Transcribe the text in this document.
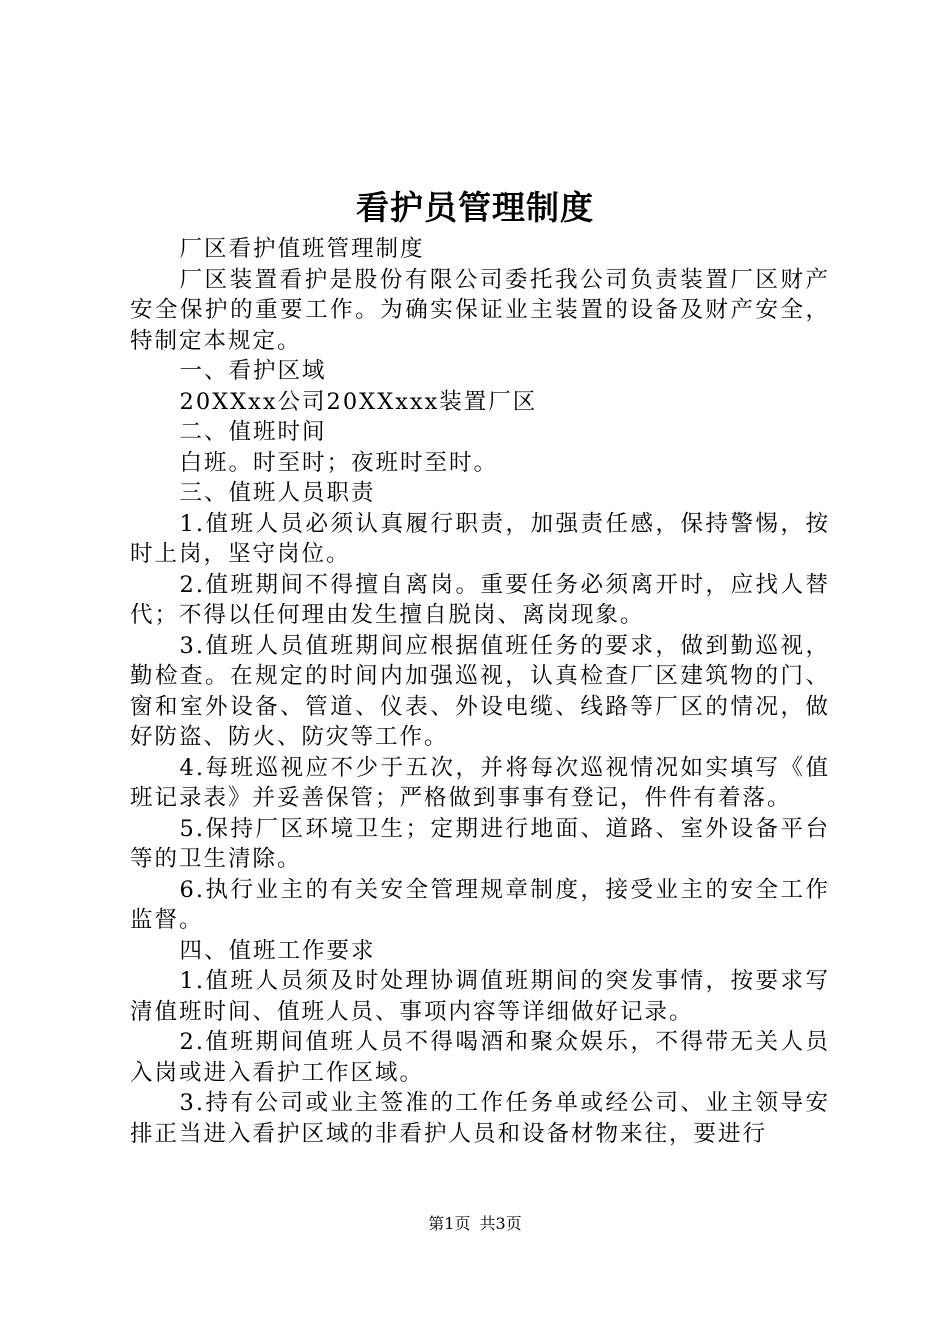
看护员管理制度

厂区看护值班管理制度

厂区装置看护是股份有限公司委托我公司负责装置厂区财产安全保护的重要工作。为确实保证业主装置的设备及财产安全，特制定本规定。

一、看护区域

20XXxx公司20XXxxx装置厂区

二、值班时间

白班。时至时；夜班时至时。

三、值班人员职责

1.值班人员必须认真履行职责，加强责任感，保持警惕，按时上岗，坚守岗位。

2.值班期间不得擅自离岗。重要任务必须离开时，应找人替代；不得以任何理由发生擅自脱岗、离岗现象。

3.值班人员值班期间应根据值班任务的要求，做到勤巡视，勤检查。在规定的时间内加强巡视，认真检查厂区建筑物的门、窗和室外设备、管道、仪表、外设电缆、线路等厂区的情况，做好防盗、防火、防灾等工作。

4.每班巡视应不少于五次，并将每次巡视情况如实填写《值班记录表》并妥善保管；严格做到事事有登记，件件有着落。

5.保持厂区环境卫生；定期进行地面、道路、室外设备平台等的卫生清除。

6.执行业主的有关安全管理规章制度，接受业主的安全工作监督。

四、值班工作要求

1.值班人员须及时处理协调值班期间的突发事情，按要求写清值班时间、值班人员、事项内容等详细做好记录。

2.值班期间值班人员不得喝酒和聚众娱乐，不得带无关人员入岗或进入看护工作区域。

3.持有公司或业主签准的工作任务单或经公司、业主领导安排正当进入看护区域的非看护人员和设备材物来往，要进行

第1页 共3页
